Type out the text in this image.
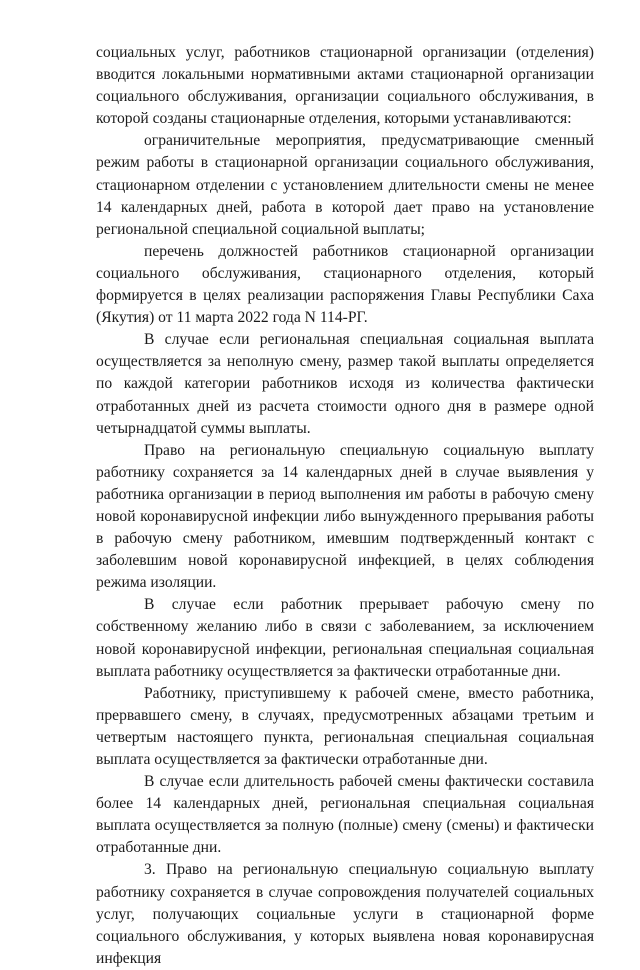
социальных услуг, работников стационарной организации (отделения) вводится локальными нормативными актами стационарной организации социального обслуживания, организации социального обслуживания, в которой созданы стационарные отделения, которыми устанавливаются:

ограничительные мероприятия, предусматривающие сменный режим работы в стационарной организации социального обслуживания, стационарном отделении с установлением длительности смены не менее 14 календарных дней, работа в которой дает право на установление региональной специальной социальной выплаты;

перечень должностей работников стационарной организации социального обслуживания, стационарного отделения, который формируется в целях реализации распоряжения Главы Республики Саха (Якутия) от 11 марта 2022 года N 114-РГ.

В случае если региональная специальная социальная выплата осуществляется за неполную смену, размер такой выплаты определяется по каждой категории работников исходя из количества фактически отработанных дней из расчета стоимости одного дня в размере одной четырнадцатой суммы выплаты.

Право на региональную специальную социальную выплату работнику сохраняется за 14 календарных дней в случае выявления у работника организации в период выполнения им работы в рабочую смену новой коронавирусной инфекции либо вынужденного прерывания работы в рабочую смену работником, имевшим подтвержденный контакт с заболевшим новой коронавирусной инфекцией, в целях соблюдения режима изоляции.

В случае если работник прерывает рабочую смену по собственному желанию либо в связи с заболеванием, за исключением новой коронавирусной инфекции, региональная специальная социальная выплата работнику осуществляется за фактически отработанные дни.

Работнику, приступившему к рабочей смене, вместо работника, прервавшего смену, в случаях, предусмотренных абзацами третьим и четвертым настоящего пункта, региональная специальная социальная выплата осуществляется за фактически отработанные дни.

В случае если длительность рабочей смены фактически составила более 14 календарных дней, региональная специальная социальная выплата осуществляется за полную (полные) смену (смены) и фактически отработанные дни.

3. Право на региональную специальную социальную выплату работнику сохраняется в случае сопровождения получателей социальных услуг, получающих социальные услуги в стационарной форме социального обслуживания, у которых выявлена новая коронавирусная инфекция
